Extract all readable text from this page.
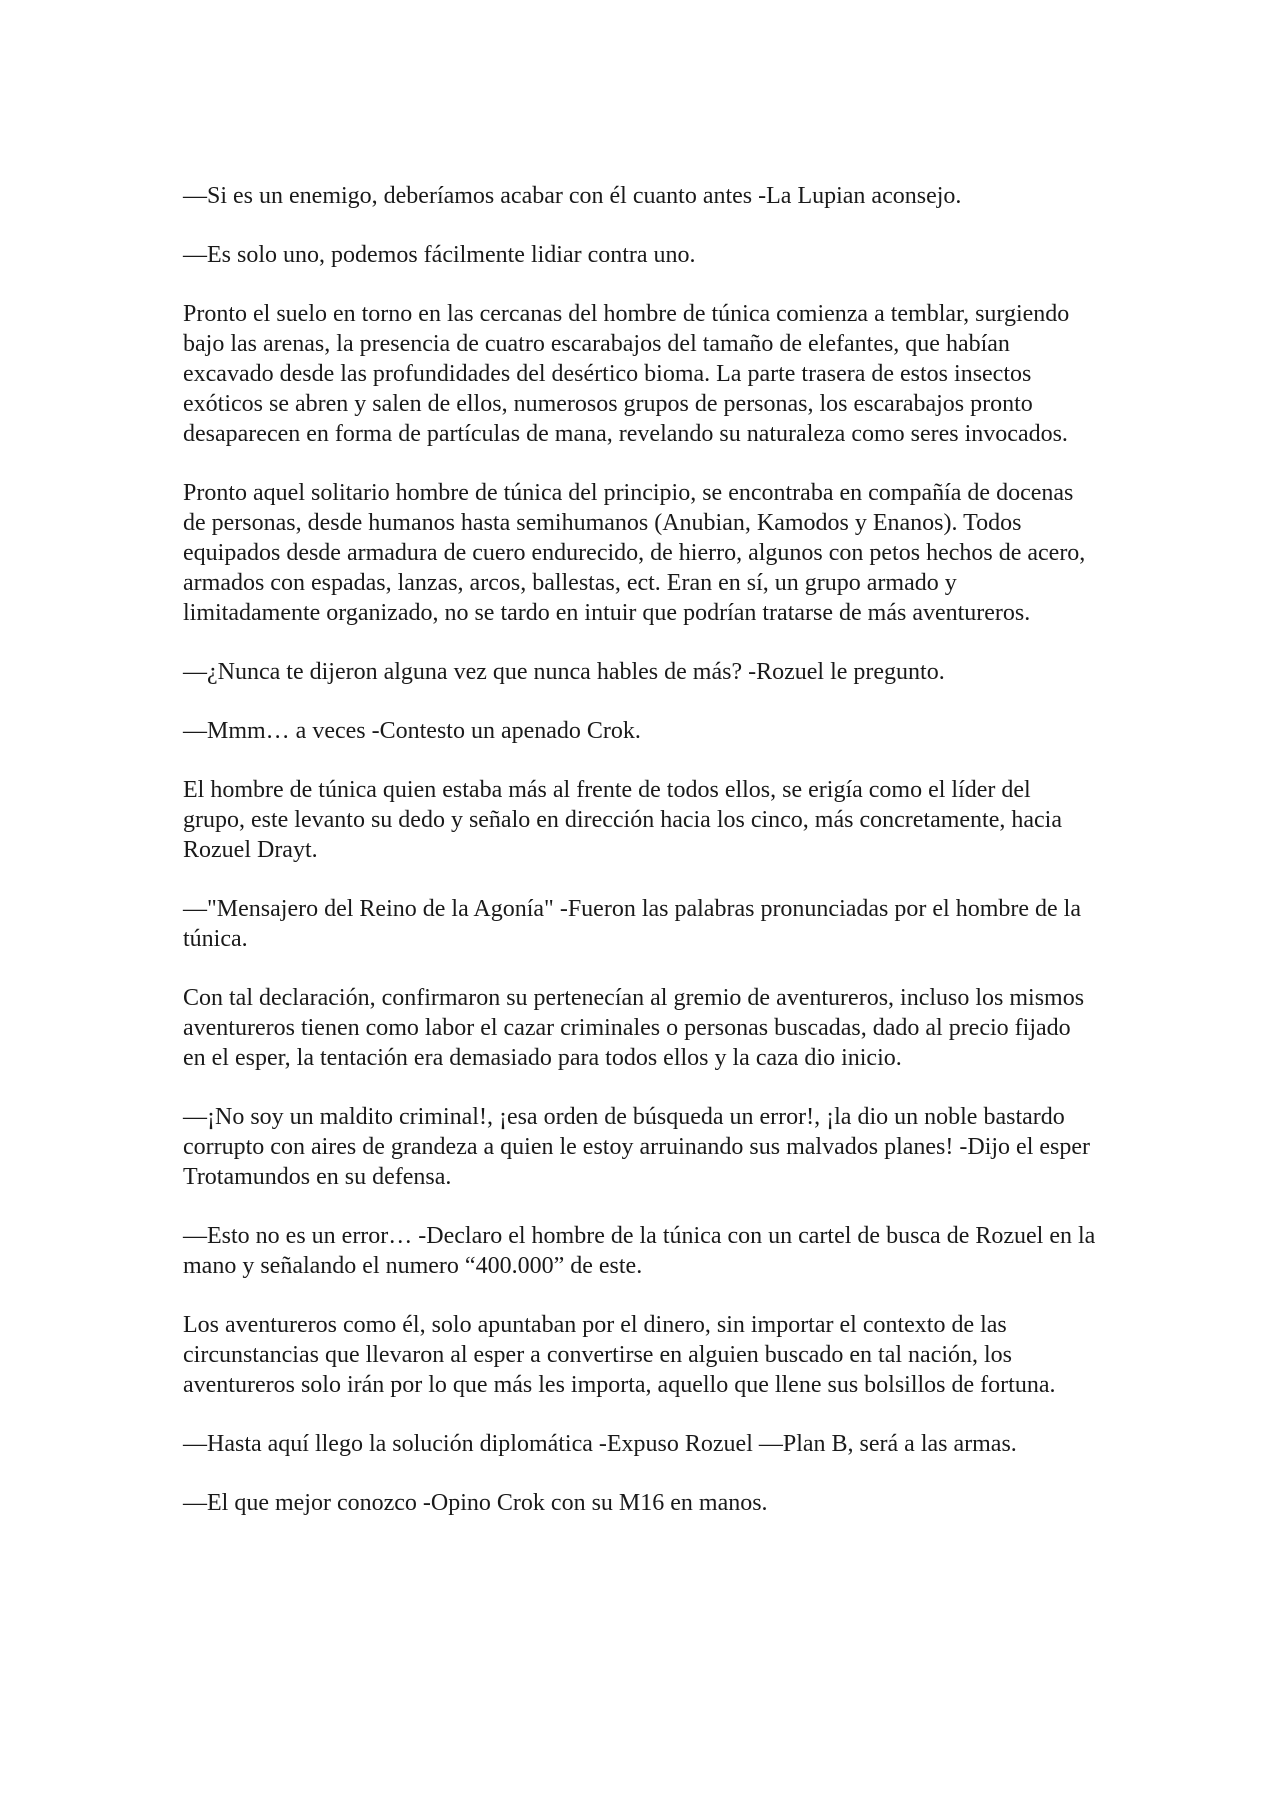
—Si es un enemigo, deberíamos acabar con él cuanto antes -La Lupian aconsejo.

—Es solo uno, podemos fácilmente lidiar contra uno.

Pronto el suelo en torno en las cercanas del hombre de túnica comienza a temblar, surgiendo bajo las arenas, la presencia de cuatro escarabajos del tamaño de elefantes, que habían excavado desde las profundidades del desértico bioma. La parte trasera de estos insectos exóticos se abren y salen de ellos, numerosos grupos de personas, los escarabajos pronto desaparecen en forma de partículas de mana, revelando su naturaleza como seres invocados.

Pronto aquel solitario hombre de túnica del principio, se encontraba en compañía de docenas de personas, desde humanos hasta semihumanos (Anubian, Kamodos y Enanos). Todos equipados desde armadura de cuero endurecido, de hierro, algunos con petos hechos de acero, armados con espadas, lanzas, arcos, ballestas, ect. Eran en sí, un grupo armado y limitadamente organizado, no se tardo en intuir que podrían tratarse de más aventureros.

—¿Nunca te dijeron alguna vez que nunca hables de más? -Rozuel le pregunto.

—Mmm… a veces -Contesto un apenado Crok.

El hombre de túnica quien estaba más al frente de todos ellos, se erigía como el líder del grupo, este levanto su dedo y señalo en dirección hacia los cinco, más concretamente, hacia Rozuel Drayt.

—"Mensajero del Reino de la Agonía" -Fueron las palabras pronunciadas por el hombre de la túnica.

Con tal declaración, confirmaron su pertenecían al gremio de aventureros, incluso los mismos aventureros tienen como labor el cazar criminales o personas buscadas, dado al precio fijado en el esper, la tentación era demasiado para todos ellos y la caza dio inicio.

—¡No soy un maldito criminal!, ¡esa orden de búsqueda un error!, ¡la dio un noble bastardo corrupto con aires de grandeza a quien le estoy arruinando sus malvados planes! -Dijo el esper Trotamundos en su defensa.

—Esto no es un error… -Declaro el hombre de la túnica con un cartel de busca de Rozuel en la mano y señalando el numero “400.000” de este.

Los aventureros como él, solo apuntaban por el dinero, sin importar el contexto de las circunstancias que llevaron al esper a convertirse en alguien buscado en tal nación, los aventureros solo irán por lo que más les importa, aquello que llene sus bolsillos de fortuna.

—Hasta aquí llego la solución diplomática -Expuso Rozuel —Plan B, será a las armas.

—El que mejor conozco -Opino Crok con su M16 en manos.
